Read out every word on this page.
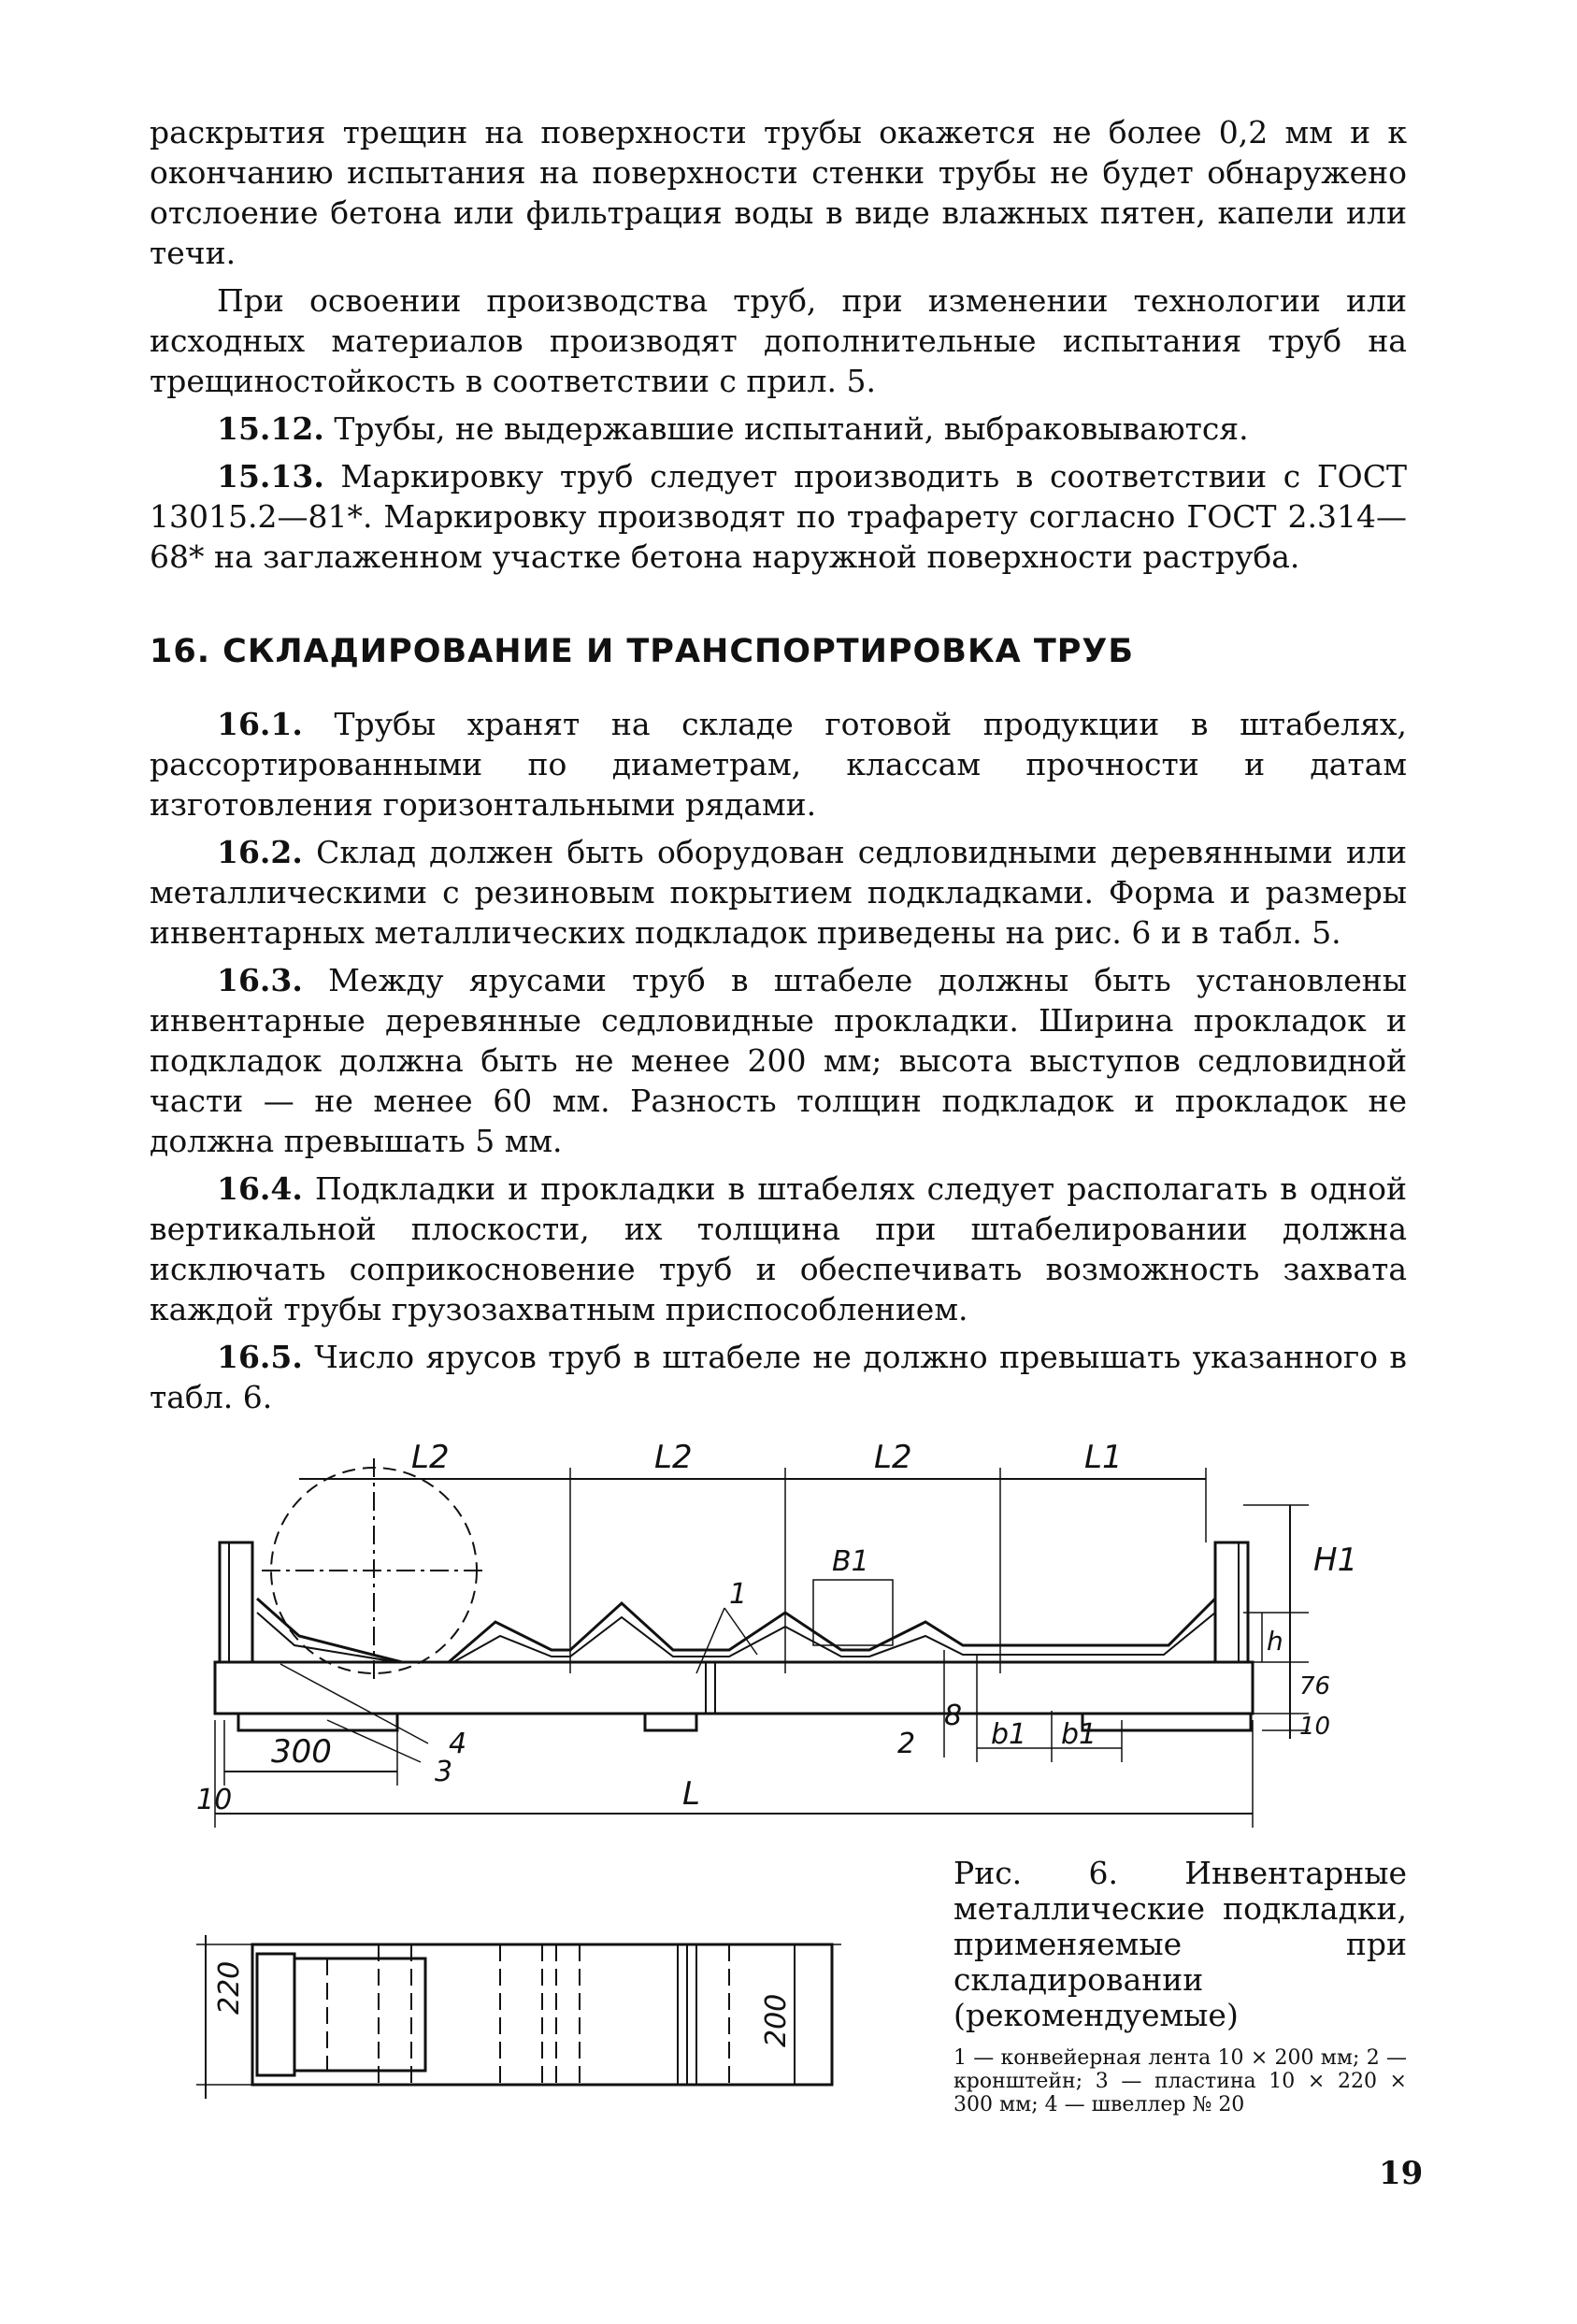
раскрытия трещин на поверхности трубы окажется не более 0,2 мм и к окончанию испытания на поверхности стенки трубы не будет обнаружено отслоение бетона или фильтрация воды в виде влажных пятен, капели или течи.

При освоении производства труб, при изменении технологии или исходных материалов производят дополнительные испытания труб на трещиностойкость в соответствии с прил. 5.

15.12. Трубы, не выдержавшие испытаний, выбраковываются.

15.13. Маркировку труб следует производить в соответствии с ГОСТ 13015.2—81*. Маркировку производят по трафарету согласно ГОСТ 2.314—68* на заглаженном участке бетона наружной поверхности раструба.

16. СКЛАДИРОВАНИЕ И ТРАНСПОРТИРОВКА ТРУБ

16.1. Трубы хранят на складе готовой продукции в штабелях, рассортированными по диаметрам, классам прочности и датам изготовления горизонтальными рядами.

16.2. Склад должен быть оборудован седловидными деревянными или металлическими с резиновым покрытием подкладками. Форма и размеры инвентарных металлических подкладок приведены на рис. 6 и в табл. 5.

16.3. Между ярусами труб в штабеле должны быть установлены инвентарные деревянные седловидные прокладки. Ширина прокладок и подкладок должна быть не менее 200 мм; высота выступов седловидной части — не менее 60 мм. Разность толщин подкладок и прокладок не должна превышать 5 мм.

16.4. Подкладки и прокладки в штабелях следует располагать в одной вертикальной плоскости, их толщина при штабелировании должна исключать соприкосновение труб и обеспечивать возможность захвата каждой трубы грузозахватным приспособлением.

16.5. Число ярусов труб в штабеле не должно превышать указанного в табл. 6.

L2	L2	L2	L1
H1
h
B1
76
10
300
10	L
b1 b1
1
2
3
4
8
220
200

Рис. 6. Инвентарные металлические подкладки, применяемые при складировании (рекомендуемые)

1 — конвейерная лента 10 × 200 мм; 2 — кронштейн; 3 — пластина 10 × 220 × 300 мм; 4 — швеллер № 20

19
